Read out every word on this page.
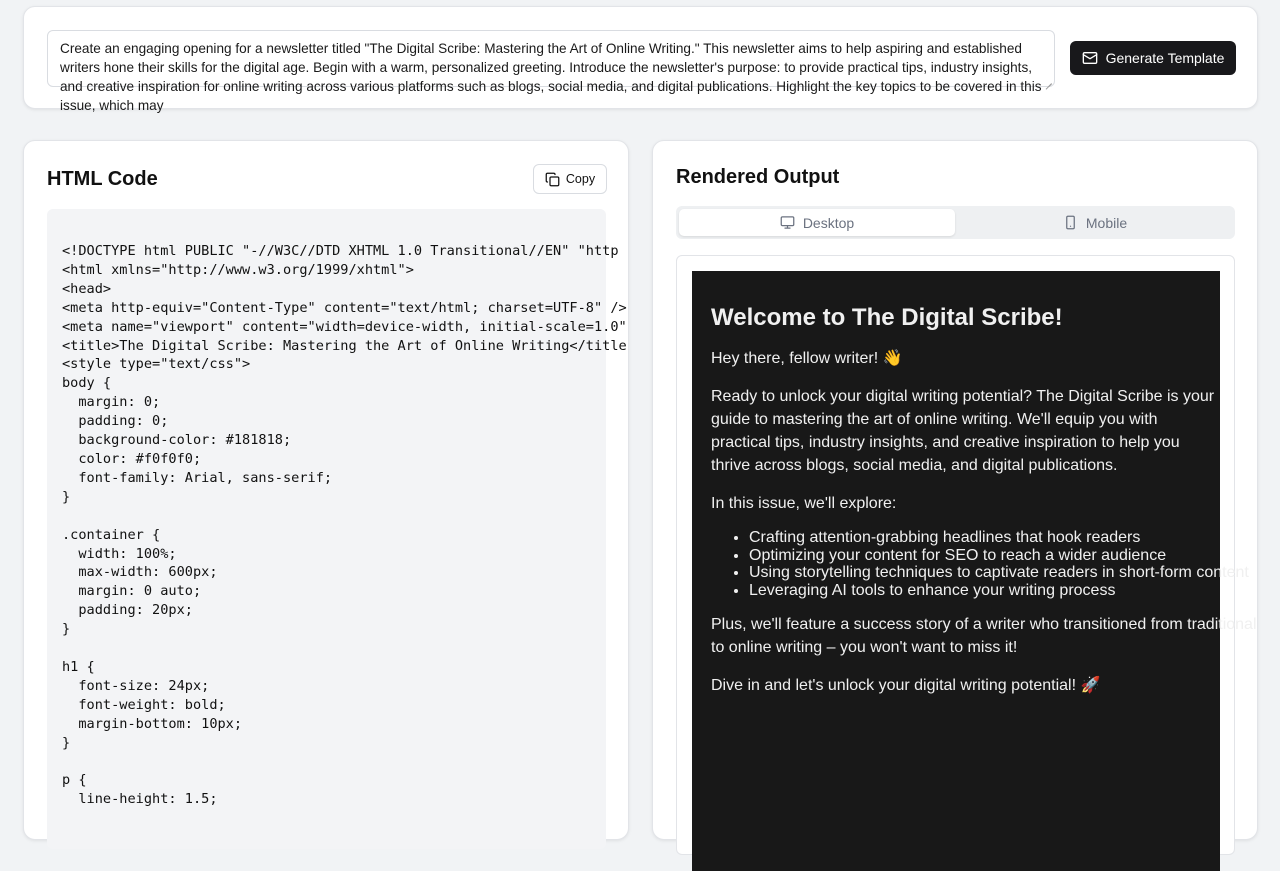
Create an engaging opening for a newsletter titled "The Digital Scribe: Mastering the Art of Online Writing." This newsletter aims to help aspiring and established writers hone their skills for the digital age. Begin with a warm, personalized greeting. Introduce the newsletter's purpose: to provide practical tips, industry insights, and creative inspiration for online writing across various platforms such as blogs, social media, and digital publications. Highlight the key topics to be covered in this issue, which may
Generate Template
HTML Code	Copy
<!DOCTYPE html PUBLIC "-//W3C//DTD XHTML 1.0 Transitional//EN" "http
<html xmlns="http://www.w3.org/1999/xhtml">
<head>
<meta http-equiv="Content-Type" content="text/html; charset=UTF-8" />
<meta name="viewport" content="width=device-width, initial-scale=1.0"
<title>The Digital Scribe: Mastering the Art of Online Writing</title
<style type="text/css">
body {
margin: 0;
padding: 0;
background-color: #181818;
color: #f0f0f0;
font-family: Arial, sans-serif;
}

.container {
width: 100%;
max-width: 600px;
margin: 0 auto;
padding: 20px;
}

h1 {
font-size: 24px;
font-weight: bold;
margin-bottom: 10px;
}

p {
line-height: 1.5;
Rendered Output
Desktop	Mobile
Welcome to The Digital Scribe!

Hey there, fellow writer! 👋

Ready to unlock your digital writing potential? The Digital Scribe is your guide to mastering the art of online writing. We'll equip you with practical tips, industry insights, and creative inspiration to help you thrive across blogs, social media, and digital publications.

In this issue, we'll explore:

• Crafting attention-grabbing headlines that hook readers
• Optimizing your content for SEO to reach a wider audience
• Using storytelling techniques to captivate readers in short-form content
• Leveraging AI tools to enhance your writing process

Plus, we'll feature a success story of a writer who transitioned from traditional to online writing – you won't want to miss it!

Dive in and let's unlock your digital writing potential! 🚀
